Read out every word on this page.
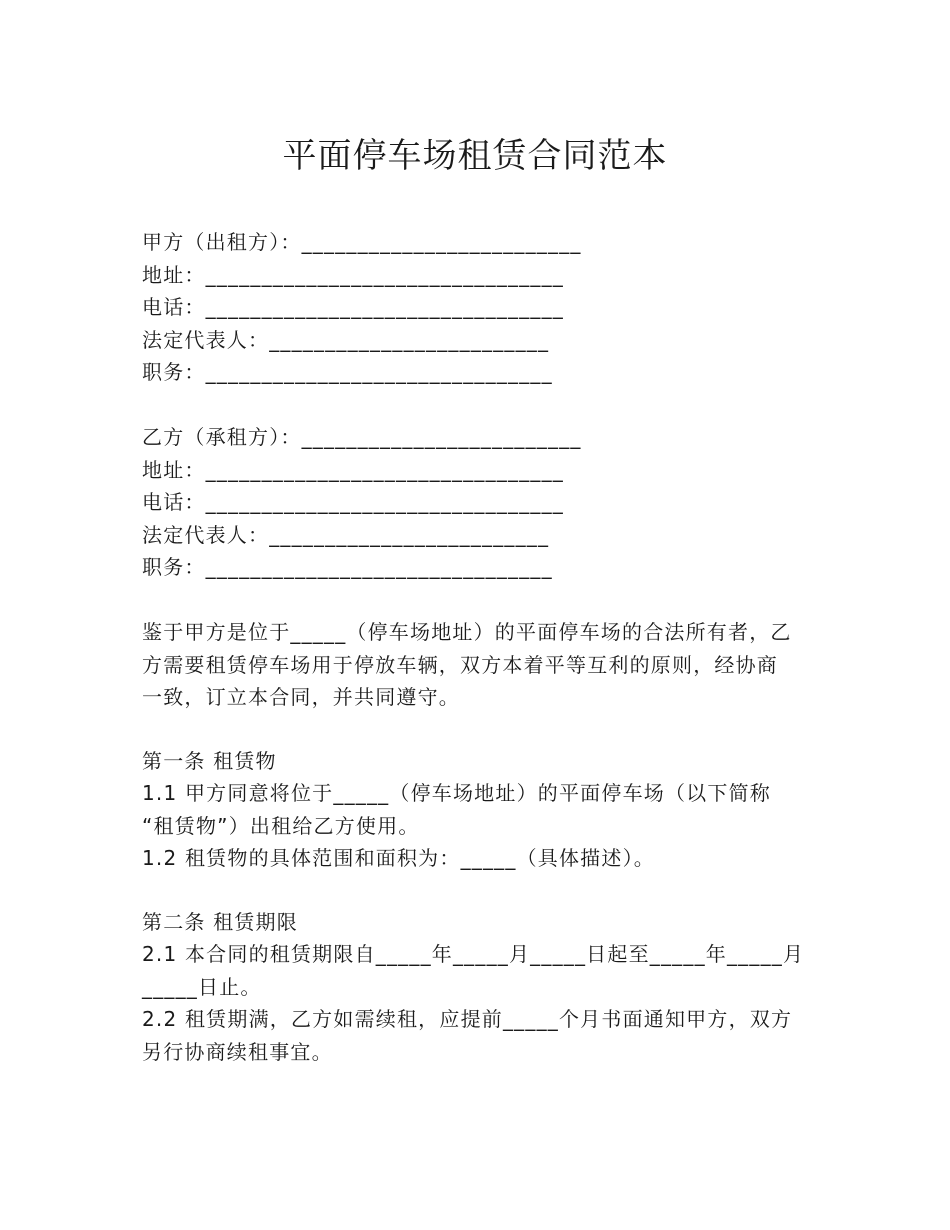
平面停车场租赁合同范本
甲方（出租方）：_________________________
地址：________________________________
电话：________________________________
法定代表人：_________________________
职务：_______________________________
乙方（承租方）：_________________________
地址：________________________________
电话：________________________________
法定代表人：_________________________
职务：_______________________________
鉴于甲方是位于_____（停车场地址）的平面停车场的合法所有者，乙
方需要租赁停车场用于停放车辆，双方本着平等互利的原则，经协商
一致，订立本合同，并共同遵守。
第一条 租赁物
1.1 甲方同意将位于_____（停车场地址）的平面停车场（以下简称
“租赁物”）出租给乙方使用。
1.2 租赁物的具体范围和面积为：_____（具体描述）。
第二条 租赁期限
2.1 本合同的租赁期限自_____年_____月_____日起至_____年_____月
_____日止。
2.2 租赁期满，乙方如需续租，应提前_____个月书面通知甲方，双方
另行协商续租事宜。
